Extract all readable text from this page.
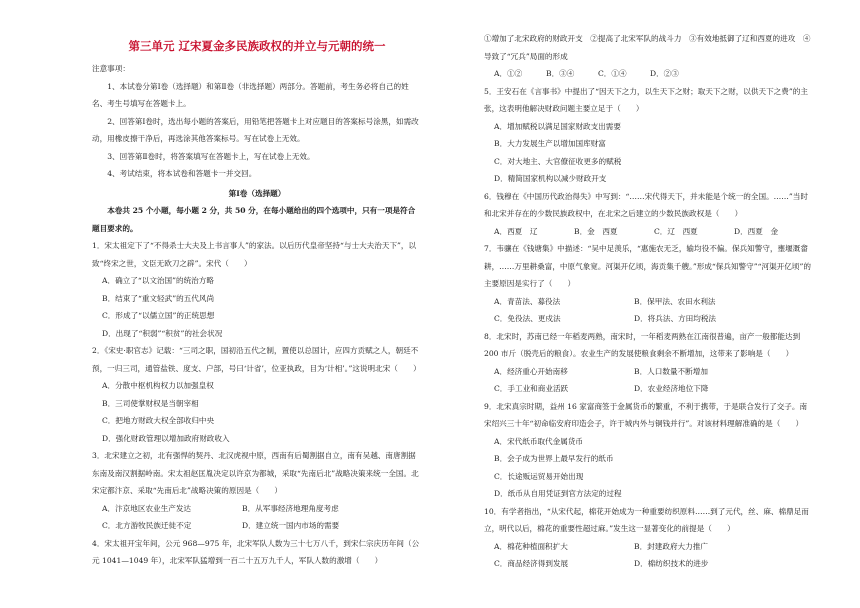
第三单元 辽宋夏金多民族政权的并立与元朝的统一

注意事项：

1、本试卷分第Ⅰ卷（选择题）和第Ⅱ卷（非选择题）两部分。答题前，考生务必将自己的姓名、考生号填写在答题卡上。

2、回答第Ⅰ卷时，选出每小题的答案后，用铅笔把答题卡上对应题目的答案标号涂黑，如需改动，用橡皮擦干净后，再选涂其他答案标号。写在试卷上无效。

3、回答第Ⅱ卷时，将答案填写在答题卡上，写在试卷上无效。

4、考试结束，将本试卷和答题卡一并交回。

第Ⅰ卷（选择题）

本卷共 25 个小题，每小题 2 分，共 50 分，在每小题给出的四个选项中，只有一项是符合题目要求的。

1．宋太祖定下了“不得杀士大夫及上书言事人”的家法。以后历代皇帝坚持“与士大夫治天下”，以致“终宋之世，文臣无欧刀之辟”。宋代（　　）

A．确立了“以文治国”的统治方略

B．结束了“重文轻武”的五代风尚

C．形成了“以儒立国”的正统思想

D．出现了“积弱”“积贫”的社会状况

2．《宋史·职官志》记载：“三司之职，国初沿五代之制，置使以总国计，应四方贡赋之人，朝廷不预，一归三司，通管盐铁、度支、户部，号曰‘计省’，位亚执政，目为‘计相’。”这说明北宋（　　）

A．分散中枢机构权力以加强皇权

B．三司使掌财权是当朝宰相

C．把地方财政大权全部收归中央

D．强化财政管理以增加政府财政收入

3．北宋建立之初，北有强悍的契丹、北汉虎视中原，西南有后蜀割据自立，南有吴越、南唐割据东南及南汉割据岭南。宋太祖赵匡胤决定以许京为都城，采取“先南后北”战略决策来统一全国。北宋定都汴京、采取“先南后北”战略决策的原因是（　　）

A．汴京地区农业生产发达	B．从军事经济地理角度考虑
C．北方游牧民族迁徙不定	D．建立统一国内市场的需要

4．宋太祖开宝年间，公元 968—975 年，北宋军队人数为三十七万八千，到宋仁宗庆历年间（公元 1041—1049 年），北宋军队猛增到一百二十五万九千人，军队人数的激增（　　）

①增加了北宋政府的财政开支　②提高了北宋军队的战斗力　③有效地抵御了辽和西夏的进攻　④导致了“冗兵”局面的形成

A．①②	B．③④	C．①④	D．②③

5．王安石在《言事书》中提出了“因天下之力，以生天下之财；取天下之财，以供天下之费”的主张，这表明他解决财政问题主要立足于（　　）

A．增加赋税以满足国家财政支出需要

B．大力发展生产以增加国库财富

C．对大地主、大官僚征收更多的赋税

D．精简国家机构以减少财政开支

6．钱穆在《中国历代政治得失》中写到：“……宋代得天下，并未能是个统一的全国。……”当时和北宋并存在的少数民族政权中，在北宋之后建立的少数民族政权是（　　）

A．西夏　辽	B．金　西夏	C．辽　西夏	D．西夏　金

7．韦骧在《钱塘集》中描述：“吴中足羡乐，“惠施农无乏，输均役不偏。保兵知警守，壅堰溉畲耕，……万里耕桑富，中原气象宽。河渠开亿顷，海贡集千艘。”形成“保兵知警守”“河渠开亿顷”的主要原因是实行了（　　）

A．青苗法、募役法	B．保甲法、农田水利法
C．免役法、更戍法	D．将兵法、方田均税法

8．北宋时，苏南已经一年稻麦两熟，南宋时，一年稻麦两熟在江南很普遍，亩产一般都能达到 200 市斤（脱壳后的粮食）。农业生产的发展使粮食剩余不断增加，这带来了影响是（　　）

A．经济重心开始南移	B．人口数量不断增加
C．手工业和商业活跃	D．农业经济地位下降

9．北宋真宗时期，益州 16 家富商签于金属货币的繁重，不利于携带，于是联合发行了交子。南宋绍兴三十年“初命临安府印造会子，许于城内外与铜钱并行”。对该材料理解准确的是（　　）

A．宋代纸币取代金属货币

B．会子成为世界上最早发行的纸币

C．长途贩运贸易开始出现

D．纸币从自用凭证到官方法定的过程

10．有学者指出，“从宋代起，棉花开始成为一种重要纺织原料……到了元代，丝、麻、棉鼎足而立，明代以后，棉花的重要性超过麻。”发生这一显著变化的前提是（　　）

A．棉花种植面积扩大	B．封建政府大力推广
C．商品经济得到发展	D．棉纺织技术的进步
